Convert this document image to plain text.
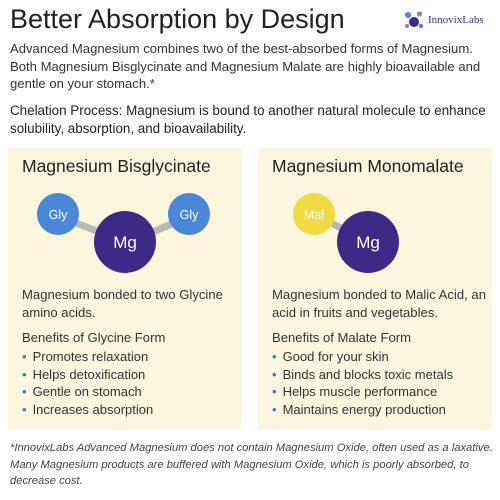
Better Absorption by Design	InnovixLabs
Advanced Magnesium combines two of the best-absorbed forms of Magnesium. Both Magnesium Bisglycinate and Magnesium Malate are highly bioavailable and gentle on your stomach.*
Chelation Process: Magnesium is bound to another natural molecule to enhance solubility, absorption, and bioavailability.
Magnesium Bisglycinate
Gly
Mg
Gly
Magnesium bonded to two Glycine amino acids.
Benefits of Glycine Form
• Promotes relaxation
• Helps detoxification
• Gentle on stomach
• Increases absorption
Magnesium Monomalate
Mal
Mg
Magnesium bonded to Malic Acid, an acid in fruits and vegetables.
Benefits of Malate Form
• Good for your skin
• Binds and blocks toxic metals
• Helps muscle performance
• Maintains energy production
*InnovixLabs Advanced Magnesium does not contain Magnesium Oxide, often used as a laxative. Many Magnesium products are buffered with Magnesium Oxide, which is poorly absorbed, to decrease cost.
